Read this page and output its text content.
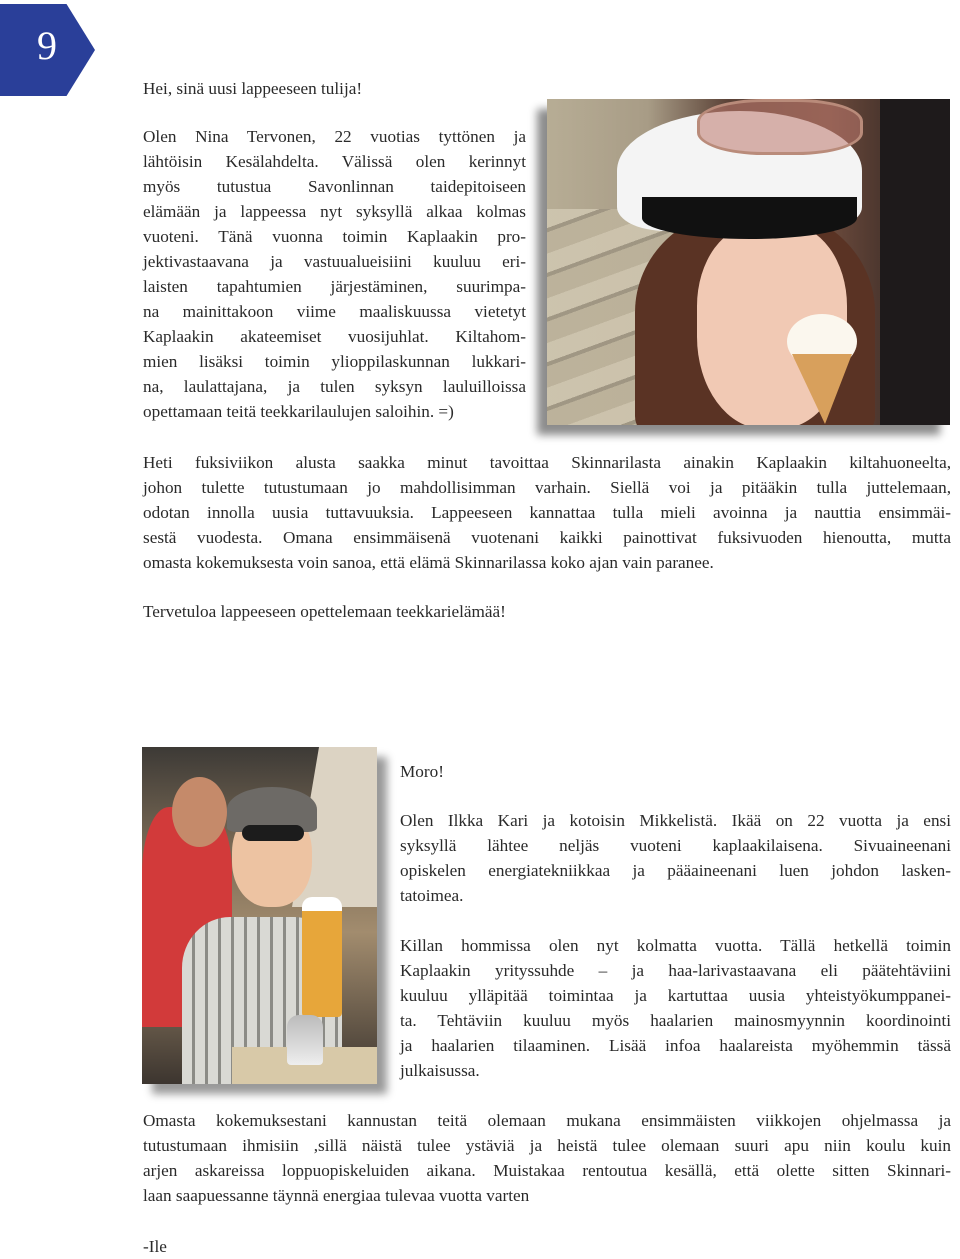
9

Hei, sinä uusi lappeeseen tulija!

Olen Nina Tervonen, 22 vuotias tyttönen ja
lähtöisin Kesälahdelta. Välissä olen kerinnyt
myös tutustua Savonlinnan taidepitoiseen
elämään ja lappeessa nyt syksyllä alkaa kolmas
vuoteni. Tänä vuonna toimin Kaplaakin pro-
jektivastaavana ja vastuualueisiini kuuluu eri-
laisten tapahtumien järjestäminen, suurimpa-
na mainittakoon viime maaliskuussa vietetyt
Kaplaakin akateemiset vuosijuhlat. Kiltahom-
mien lisäksi toimin ylioppilaskunnan lukkari-
na, laulattajana, ja tulen syksyn lauluilloissa
opettamaan teitä teekkarilaulujen saloihin. =)
Heti fuksiviikon alusta saakka minut tavoittaa Skinnarilasta ainakin Kaplaakin kiltahuoneelta,
johon tulette tutustumaan jo mahdollisimman varhain. Siellä voi ja pitääkin tulla juttelemaan,
odotan innolla uusia tuttavuuksia. Lappeeseen kannattaa tulla mieli avoinna ja nauttia ensimmäi-
sestä vuodesta. Omana ensimmäisenä vuotenani kaikki painottivat fuksivuoden hienoutta, mutta
omasta kokemuksesta voin sanoa, että elämä Skinnarilassa koko ajan vain paranee.

Tervetuloa lappeeseen opettelemaan teekkarielämää!

Moro!

Olen Ilkka Kari ja kotoisin Mikkelistä. Ikää on 22 vuotta ja ensi
syksyllä lähtee neljäs vuoteni kaplaakilaisena. Sivuaineenani
opiskelen energiatekniikkaa ja pääaineenani luen johdon lasken-
tatoimea.
Killan hommissa olen nyt kolmatta vuotta. Tällä hetkellä toimin
Kaplaakin yrityssuhde – ja haa-larivastaavana eli päätehtäviini
kuuluu ylläpitää toimintaa ja kartuttaa uusia yhteistyökumppanei-
ta. Tehtäviin kuuluu myös haalarien mainosmyynnin koordinointi
ja haalarien tilaaminen. Lisää infoa haalareista myöhemmin tässä
julkaisussa.
Omasta kokemuksestani kannustan teitä olemaan mukana ensimmäisten viikkojen ohjelmassa ja
tutustumaan ihmisiin ,sillä näistä tulee ystäviä ja heistä tulee olemaan suuri apu niin koulu kuin
arjen askareissa loppuopiskeluiden aikana. Muistakaa rentoutua kesällä, että olette sitten Skinnari-
laan saapuessanne täynnä energiaa tulevaa vuotta varten

-Ile
